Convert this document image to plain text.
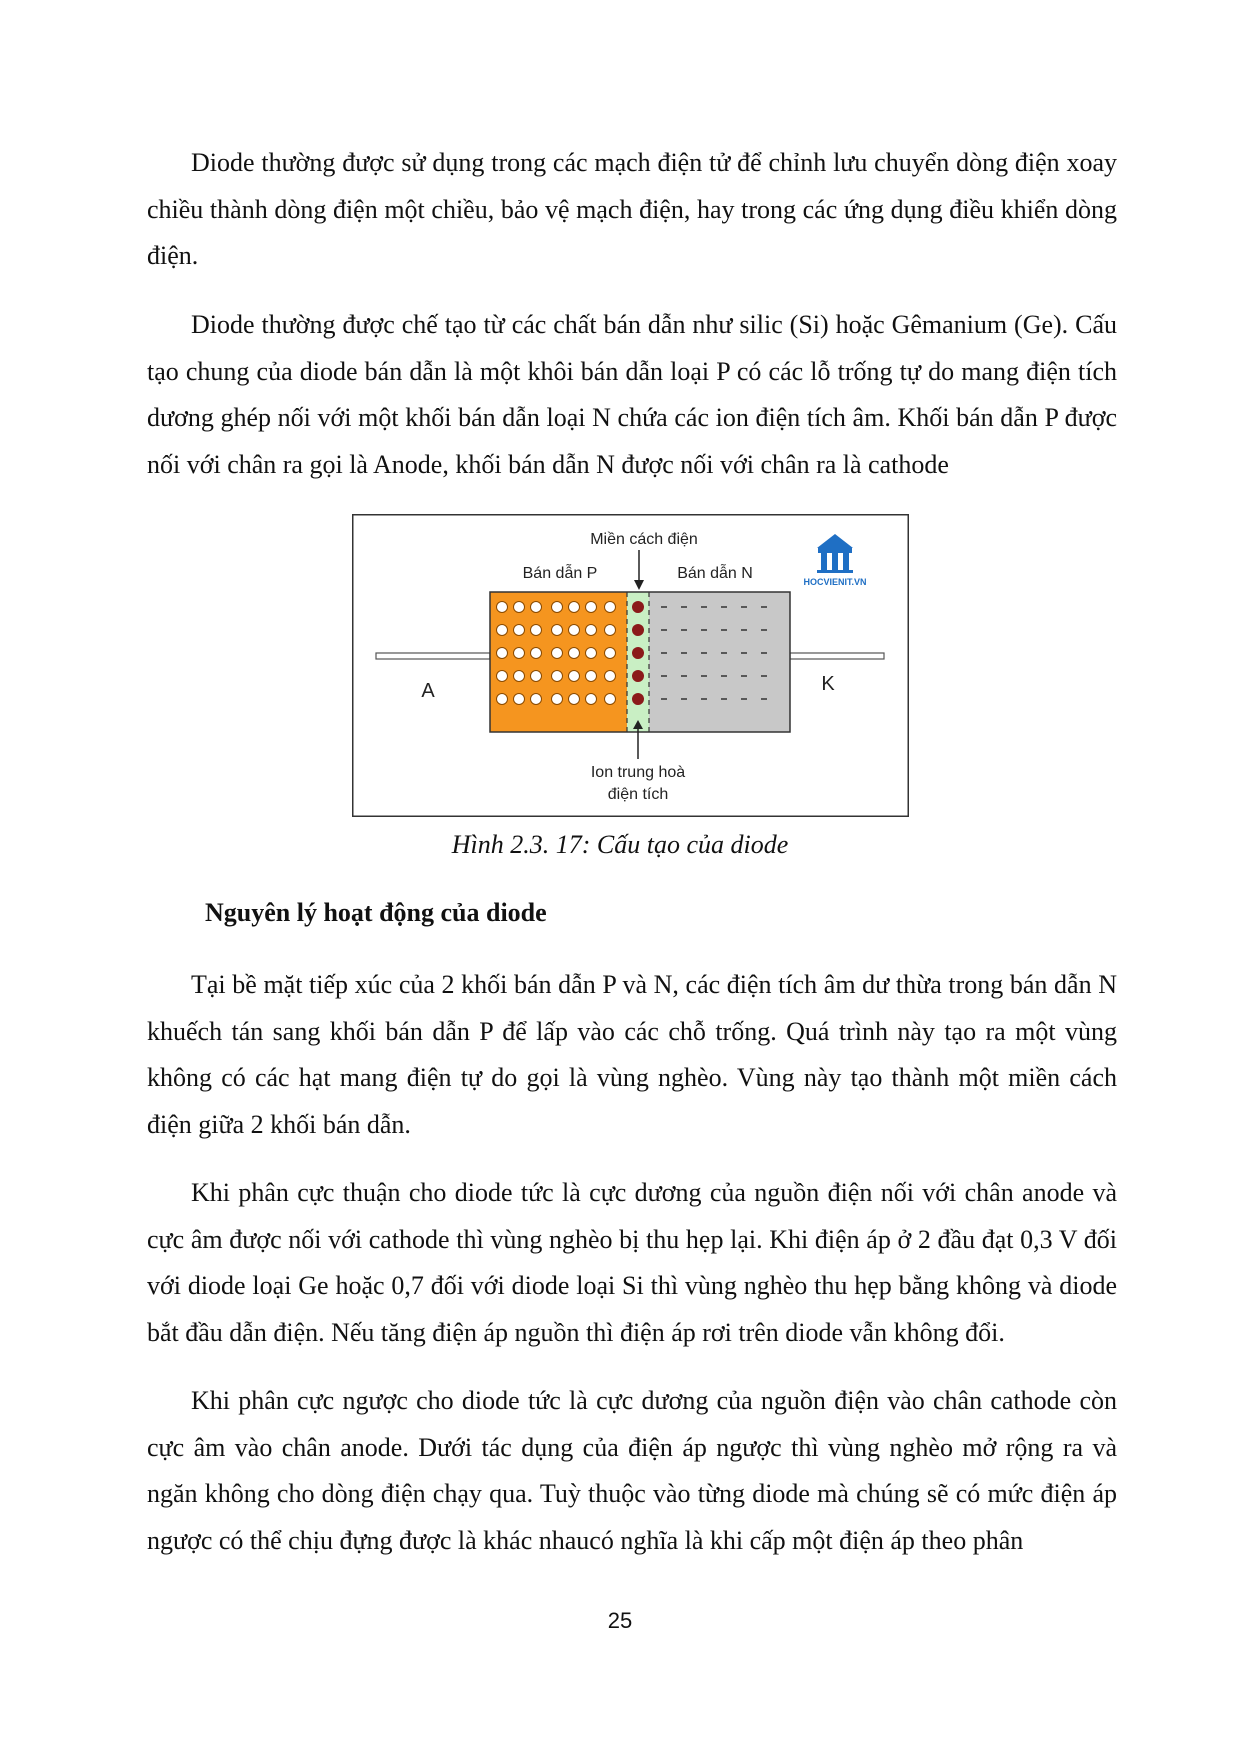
Diode thường được sử dụng trong các mạch điện tử để chỉnh lưu chuyển dòng điện xoay chiều thành dòng điện một chiều, bảo vệ mạch điện, hay trong các ứng dụng điều khiển dòng điện.

Diode thường được chế tạo từ các chất bán dẫn như silic (Si) hoặc Gêmanium (Ge). Cấu tạo chung của diode bán dẫn là một khôi bán dẫn loại P có các lỗ trống tự do mang điện tích dương ghép nối với một khối bán dẫn loại N chứa các ion điện tích âm. Khối bán dẫn P được nối với chân ra gọi là Anode, khối bán dẫn N được nối với chân ra là cathode

Miền cách điện
Bán dẫn P	Bán dẫn N
A	K
Ion trung hoà
điện tích
HOCVIENIT.VN
Hình 2.3. 17: Cấu tạo của diode

Nguyên lý hoạt động của diode

Tại bề mặt tiếp xúc của 2 khối bán dẫn P và N, các điện tích âm dư thừa trong bán dẫn N khuếch tán sang khối bán dẫn P để lấp vào các chỗ trống. Quá trình này tạo ra một vùng không có các hạt mang điện tự do gọi là vùng nghèo. Vùng này tạo thành một miền cách điện giữa 2 khối bán dẫn.

Khi phân cực thuận cho diode tức là cực dương của nguồn điện nối với chân anode và cực âm được nối với cathode thì vùng nghèo bị thu hẹp lại. Khi điện áp ở 2 đầu đạt 0,3 V đối với diode loại Ge hoặc 0,7 đối với diode loại Si thì vùng nghèo thu hẹp bằng không và diode bắt đầu dẫn điện. Nếu tăng điện áp nguồn thì điện áp rơi trên diode vẫn không đổi.

Khi phân cực ngược cho diode tức là cực dương của nguồn điện vào chân cathode còn cực âm vào chân anode. Dưới tác dụng của điện áp ngược thì vùng nghèo mở rộng ra và ngăn không cho dòng điện chạy qua. Tuỳ thuộc vào từng diode mà chúng sẽ có mức điện áp ngược có thể chịu đựng được là khác nhaucó nghĩa là khi cấp một điện áp theo phân

25
